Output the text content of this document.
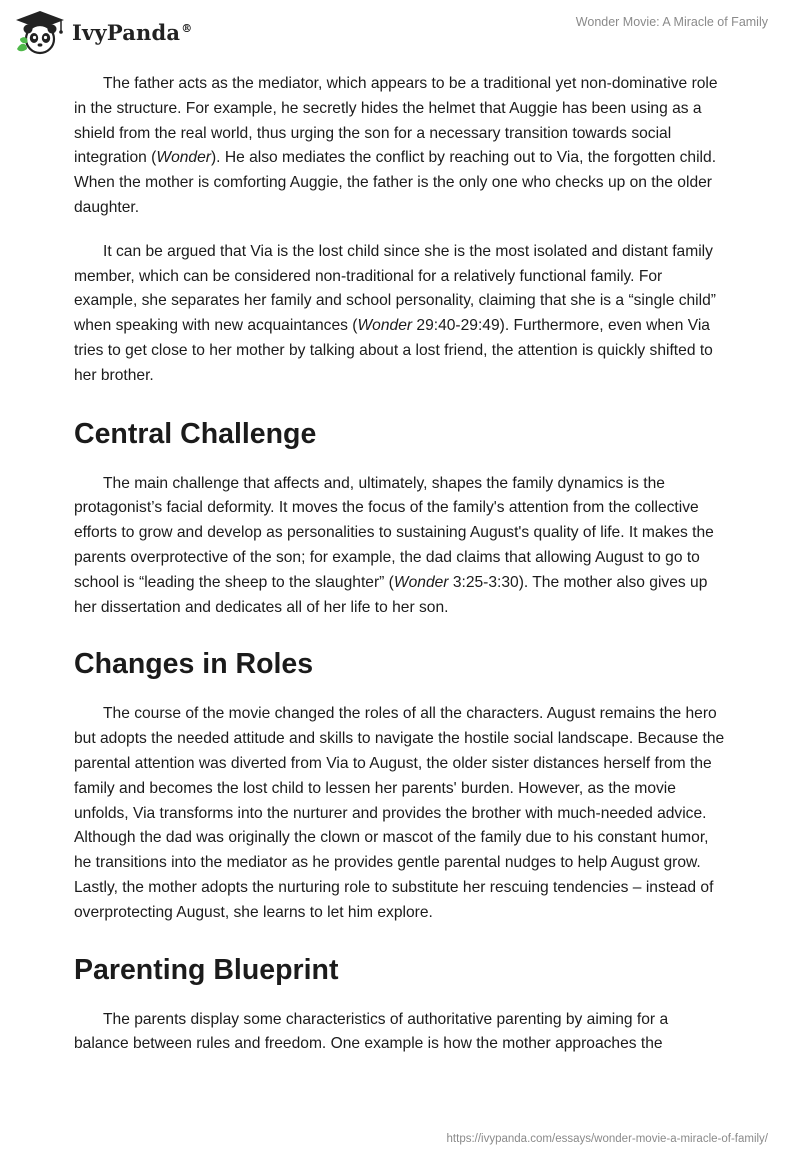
IvyPanda®	Wonder Movie: A Miracle of Family

The father acts as the mediator, which appears to be a traditional yet non-dominative role in the structure. For example, he secretly hides the helmet that Auggie has been using as a shield from the real world, thus urging the son for a necessary transition towards social integration (Wonder). He also mediates the conflict by reaching out to Via, the forgotten child. When the mother is comforting Auggie, the father is the only one who checks up on the older daughter.

It can be argued that Via is the lost child since she is the most isolated and distant family member, which can be considered non-traditional for a relatively functional family. For example, she separates her family and school personality, claiming that she is a “single child” when speaking with new acquaintances (Wonder 29:40-29:49). Furthermore, even when Via tries to get close to her mother by talking about a lost friend, the attention is quickly shifted to her brother.

Central Challenge

The main challenge that affects and, ultimately, shapes the family dynamics is the protagonist’s facial deformity. It moves the focus of the family's attention from the collective efforts to grow and develop as personalities to sustaining August's quality of life. It makes the parents overprotective of the son; for example, the dad claims that allowing August to go to school is “leading the sheep to the slaughter” (Wonder 3:25-3:30). The mother also gives up her dissertation and dedicates all of her life to her son.

Changes in Roles

The course of the movie changed the roles of all the characters. August remains the hero but adopts the needed attitude and skills to navigate the hostile social landscape. Because the parental attention was diverted from Via to August, the older sister distances herself from the family and becomes the lost child to lessen her parents' burden. However, as the movie unfolds, Via transforms into the nurturer and provides the brother with much-needed advice. Although the dad was originally the clown or mascot of the family due to his constant humor, he transitions into the mediator as he provides gentle parental nudges to help August grow. Lastly, the mother adopts the nurturing role to substitute her rescuing tendencies – instead of overprotecting August, she learns to let him explore.

Parenting Blueprint

The parents display some characteristics of authoritative parenting by aiming for a balance between rules and freedom. One example is how the mother approaches the

https://ivypanda.com/essays/wonder-movie-a-miracle-of-family/
